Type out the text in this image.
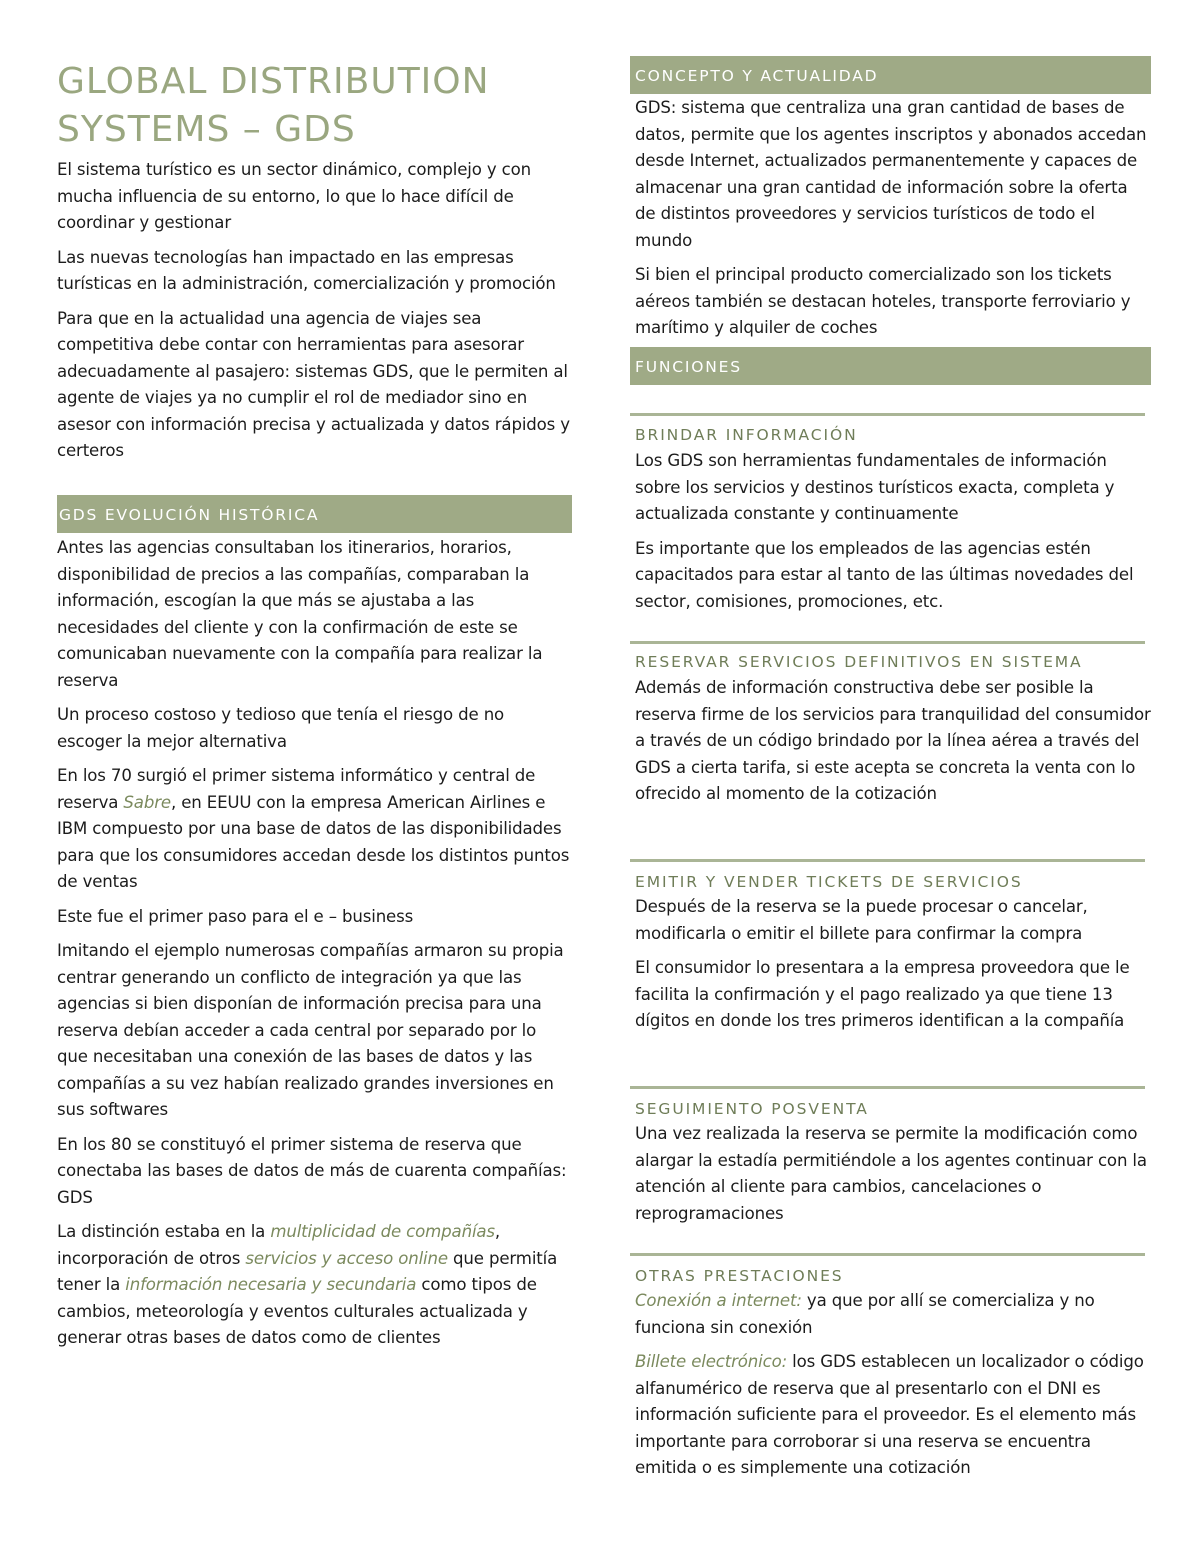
GLOBAL DISTRIBUTION
SYSTEMS – GDS

El sistema turístico es un sector dinámico, complejo y con mucha influencia de su entorno, lo que lo hace difícil de coordinar y gestionar

Las nuevas tecnologías han impactado en las empresas turísticas en la administración, comercialización y promoción

Para que en la actualidad una agencia de viajes sea competitiva debe contar con herramientas para asesorar adecuadamente al pasajero: sistemas GDS, que le permiten al agente de viajes ya no cumplir el rol de mediador sino en asesor con información precisa y actualizada y datos rápidos y certeros

GDS EVOLUCIÓN HISTÓRICA

Antes las agencias consultaban los itinerarios, horarios, disponibilidad de precios a las compañías, comparaban la información, escogían la que más se ajustaba a las necesidades del cliente y con la confirmación de este se comunicaban nuevamente con la compañía para realizar la reserva

Un proceso costoso y tedioso que tenía el riesgo de no escoger la mejor alternativa

En los 70 surgió el primer sistema informático y central de reserva Sabre, en EEUU con la empresa American Airlines e IBM compuesto por una base de datos de las disponibilidades para que los consumidores accedan desde los distintos puntos de ventas

Este fue el primer paso para el e – business

Imitando el ejemplo numerosas compañías armaron su propia centrar generando un conflicto de integración ya que las agencias si bien disponían de información precisa para una reserva debían acceder a cada central por separado por lo que necesitaban una conexión de las bases de datos y las compañías a su vez habían realizado grandes inversiones en sus softwares

En los 80 se constituyó el primer sistema de reserva que conectaba las bases de datos de más de cuarenta compañías: GDS

La distinción estaba en la multiplicidad de compañías, incorporación de otros servicios y acceso online que permitía tener la información necesaria y secundaria como tipos de cambios, meteorología y eventos culturales actualizada y generar otras bases de datos como de clientes

CONCEPTO Y ACTUALIDAD

GDS: sistema que centraliza una gran cantidad de bases de datos, permite que los agentes inscriptos y abonados accedan desde Internet, actualizados permanentemente y capaces de almacenar una gran cantidad de información sobre la oferta de distintos proveedores y servicios turísticos de todo el mundo

Si bien el principal producto comercializado son los tickets aéreos también se destacan hoteles, transporte ferroviario y marítimo y alquiler de coches

FUNCIONES
BRINDAR INFORMACIÓN

Los GDS son herramientas fundamentales de información sobre los servicios y destinos turísticos exacta, completa y actualizada constante y continuamente

Es importante que los empleados de las agencias estén capacitados para estar al tanto de las últimas novedades del sector, comisiones, promociones, etc.

RESERVAR SERVICIOS DEFINITIVOS EN SISTEMA

Además de información constructiva debe ser posible la reserva firme de los servicios para tranquilidad del consumidor a través de un código brindado por la línea aérea a través del GDS a cierta tarifa, si este acepta se concreta la venta con lo ofrecido al momento de la cotización

EMITIR Y VENDER TICKETS DE SERVICIOS

Después de la reserva se la puede procesar o cancelar, modificarla o emitir el billete para confirmar la compra

El consumidor lo presentara a la empresa proveedora que le facilita la confirmación y el pago realizado ya que tiene 13 dígitos en donde los tres primeros identifican a la compañía

SEGUIMIENTO POSVENTA

Una vez realizada la reserva se permite la modificación como alargar la estadía permitiéndole a los agentes continuar con la atención al cliente para cambios, cancelaciones o reprogramaciones

OTRAS PRESTACIONES

Conexión a internet: ya que por allí se comercializa y no funciona sin conexión

Billete electrónico: los GDS establecen un localizador o código alfanumérico de reserva que al presentarlo con el DNI es información suficiente para el proveedor. Es el elemento más importante para corroborar si una reserva se encuentra emitida o es simplemente una cotización
